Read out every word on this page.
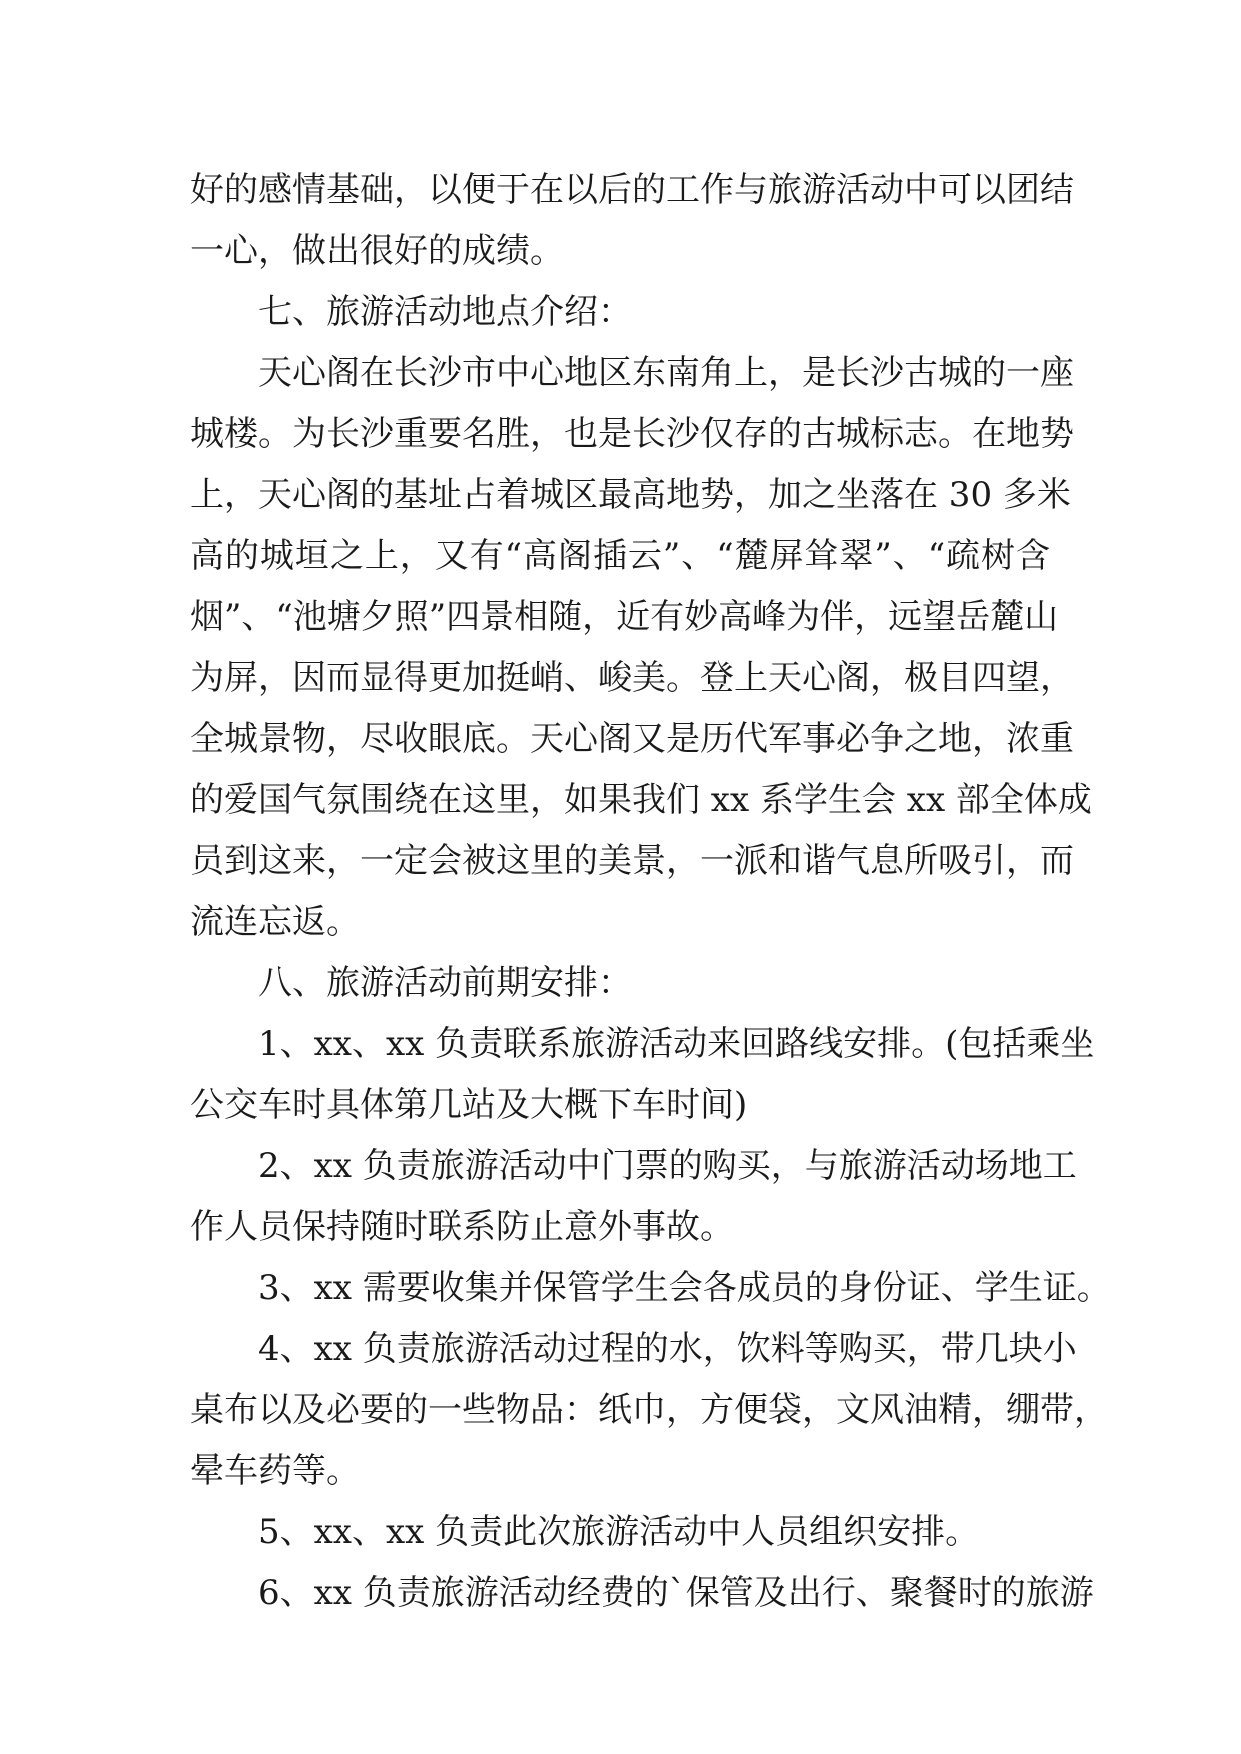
好的感情基础，以便于在以后的工作与旅游活动中可以团结
一心，做出很好的成绩。
七、旅游活动地点介绍：
天心阁在长沙市中心地区东南角上，是长沙古城的一座
城楼。为长沙重要名胜，也是长沙仅存的古城标志。在地势
上，天心阁的基址占着城区最高地势，加之坐落在 30 多米
高的城垣之上，又有“高阁插云”、“麓屏耸翠”、“疏树含
烟”、“池塘夕照”四景相随，近有妙高峰为伴，远望岳麓山
为屏，因而显得更加挺峭、峻美。登上天心阁，极目四望，
全城景物，尽收眼底。天心阁又是历代军事必争之地，浓重
的爱国气氛围绕在这里，如果我们 xx 系学生会 xx 部全体成
员到这来，一定会被这里的美景，一派和谐气息所吸引，而
流连忘返。
八、旅游活动前期安排：
1、xx、xx 负责联系旅游活动来回路线安排。(包括乘坐
公交车时具体第几站及大概下车时间)
2、xx 负责旅游活动中门票的购买，与旅游活动场地工
作人员保持随时联系防止意外事故。
3、xx 需要收集并保管学生会各成员的身份证、学生证。
4、xx 负责旅游活动过程的水，饮料等购买，带几块小
桌布以及必要的一些物品：纸巾，方便袋，文风油精，绷带，
晕车药等。
5、xx、xx 负责此次旅游活动中人员组织安排。
6、xx 负责旅游活动经费的`保管及出行、聚餐时的旅游
